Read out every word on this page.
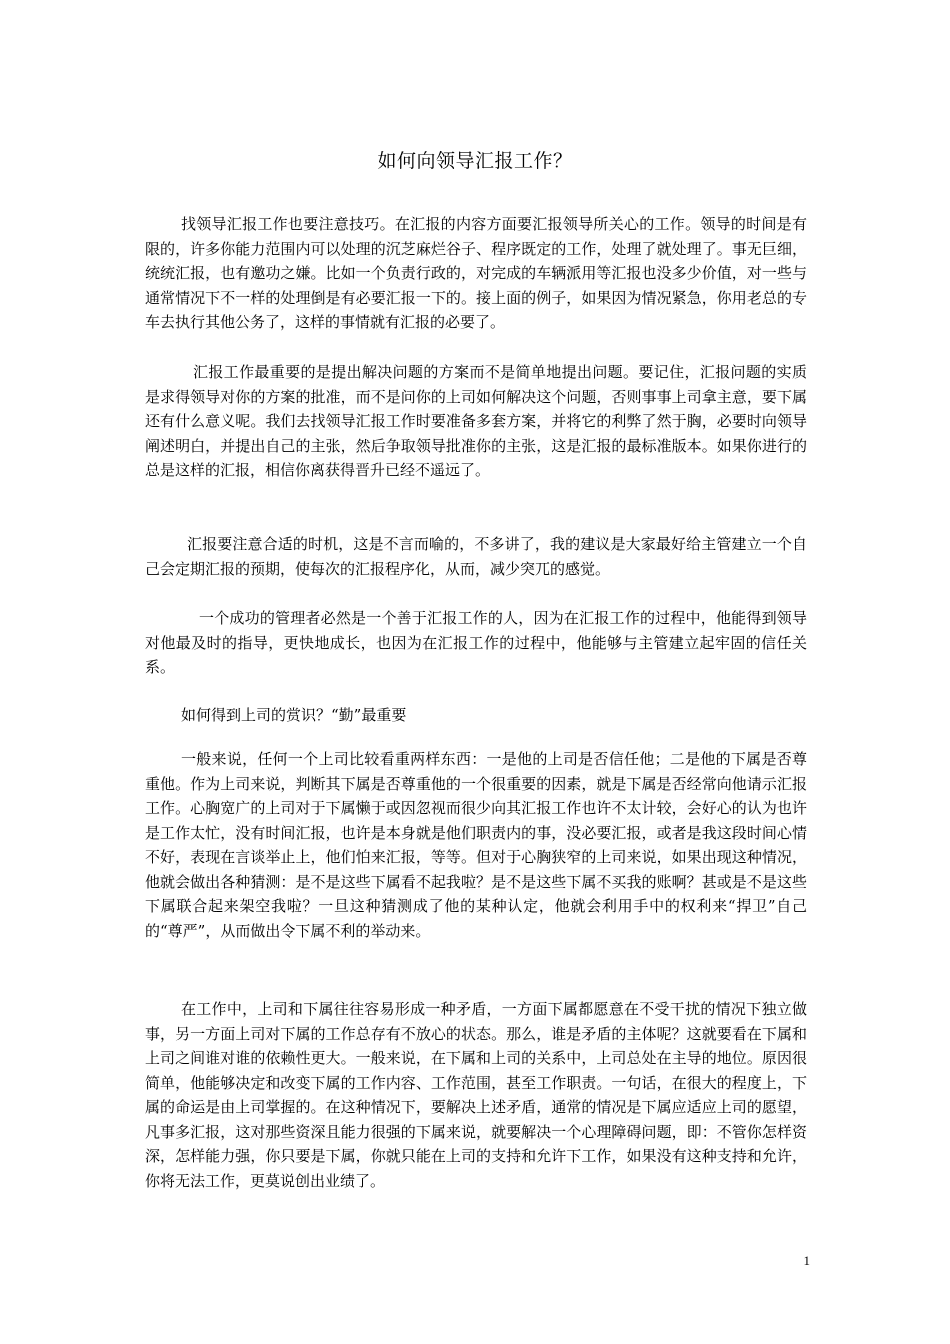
如何向领导汇报工作？

找领导汇报工作也要注意技巧。在汇报的内容方面要汇报领导所关心的工作。领导的时间是有限的，许多你能力范围内可以处理的沉芝麻烂谷子、程序既定的工作，处理了就处理了。事无巨细，统统汇报，也有邀功之嫌。比如一个负责行政的，对完成的车辆派用等汇报也没多少价值，对一些与通常情况下不一样的处理倒是有必要汇报一下的。接上面的例子，如果因为情况紧急，你用老总的专车去执行其他公务了，这样的事情就有汇报的必要了。

汇报工作最重要的是提出解决问题的方案而不是简单地提出问题。要记住，汇报问题的实质是求得领导对你的方案的批准，而不是问你的上司如何解决这个问题，否则事事上司拿主意，要下属还有什么意义呢。我们去找领导汇报工作时要准备多套方案，并将它的利弊了然于胸，必要时向领导阐述明白，并提出自己的主张，然后争取领导批准你的主张，这是汇报的最标准版本。如果你进行的总是这样的汇报，相信你离获得晋升已经不遥远了。

汇报要注意合适的时机，这是不言而喻的，不多讲了，我的建议是大家最好给主管建立一个自己会定期汇报的预期，使每次的汇报程序化，从而，减少突兀的感觉。

一个成功的管理者必然是一个善于汇报工作的人，因为在汇报工作的过程中，他能得到领导对他最及时的指导，更快地成长，也因为在汇报工作的过程中，他能够与主管建立起牢固的信任关系。

如何得到上司的赏识？“勤”最重要

一般来说，任何一个上司比较看重两样东西：一是他的上司是否信任他；二是他的下属是否尊重他。作为上司来说，判断其下属是否尊重他的一个很重要的因素，就是下属是否经常向他请示汇报工作。心胸宽广的上司对于下属懒于或因忽视而很少向其汇报工作也许不太计较，会好心的认为也许是工作太忙，没有时间汇报，也许是本身就是他们职责内的事，没必要汇报，或者是我这段时间心情不好，表现在言谈举止上，他们怕来汇报，等等。但对于心胸狭窄的上司来说，如果出现这种情况，他就会做出各种猜测：是不是这些下属看不起我啦？是不是这些下属不买我的账啊？甚或是不是这些下属联合起来架空我啦？一旦这种猜测成了他的某种认定，他就会利用手中的权利来“捍卫”自己的“尊严”，从而做出令下属不利的举动来。

在工作中，上司和下属往往容易形成一种矛盾，一方面下属都愿意在不受干扰的情况下独立做事，另一方面上司对下属的工作总存有不放心的状态。那么，谁是矛盾的主体呢？这就要看在下属和上司之间谁对谁的依赖性更大。一般来说，在下属和上司的关系中，上司总处在主导的地位。原因很简单，他能够决定和改变下属的工作内容、工作范围，甚至工作职责。一句话，在很大的程度上，下属的命运是由上司掌握的。在这种情况下，要解决上述矛盾，通常的情况是下属应适应上司的愿望，凡事多汇报，这对那些资深且能力很强的下属来说，就要解决一个心理障碍问题，即：不管你怎样资深，怎样能力强，你只要是下属，你就只能在上司的支持和允许下工作，如果没有这种支持和允许，你将无法工作，更莫说创出业绩了。

1
